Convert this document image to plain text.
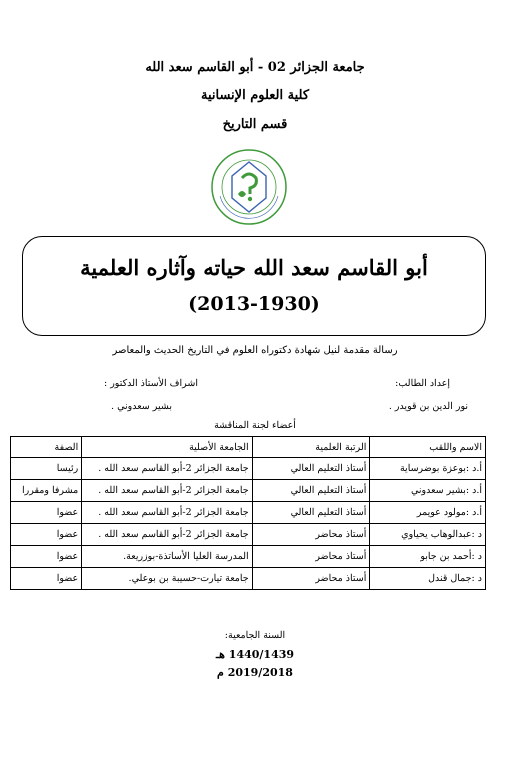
جامعة الجزائر 02 - أبو القاسم سعد الله
كلية العلوم الإنسانية
قسم التاريخ
أبو القاسم سعد الله حياته وآثاره العلمية
(2013-1930)
رسالة مقدمة لنيل شهادة دكتوراه العلوم في التاريخ الحديث والمعاصر
إعداد الطالب:
نور الدين بن قويدر .
اشراف الأستاذ الدكتور :
بشير سعدوني .
أعضاء لجنة المناقشة
الاسم واللقب	الرتبة العلمية	الجامعة الأصلية	الصفة
أ.د :بوعزة بوضرساية	أستاذ التعليم العالي	جامعة الجزائر 2-أبو القاسم سعد الله .	رئيسا
أ.د :بشير سعدوني	أستاذ التعليم العالي	جامعة الجزائر 2-أبو القاسم سعد الله .	مشرفا ومقررا
أ.د :مولود عويمر	أستاذ التعليم العالي	جامعة الجزائر 2-أبو القاسم سعد الله .	عضوا
د :عبدالوهاب يحياوي	أستاذ محاضر	جامعة الجزائر 2-أبو القاسم سعد الله .	عضوا
د :أحمد بن جابو	أستاذ محاضر	المدرسة العليا الأساتذة-بوزريعة.	عضوا
د :جمال قندل	أستاذ محاضر	جامعة تيارت-حسيبة بن بوعلي.	عضوا
السنة الجامعية:
1440/1439 هـ
2019/2018 م
